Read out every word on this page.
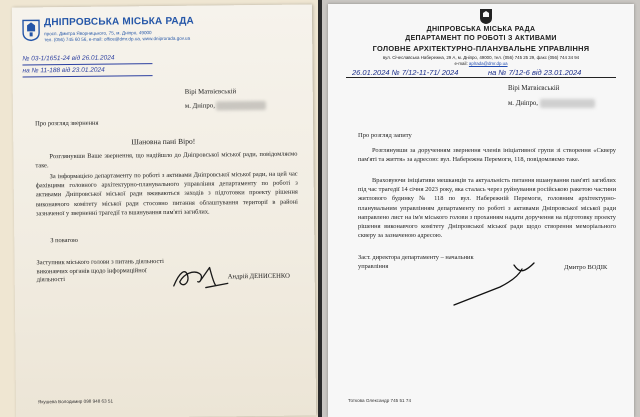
ДНІПРОВСЬКА МІСЬКА РАДА
просп. Дмитра Яворницького, 75, м. Дніпро, 49000
тел. (056) 745 60 56, e-mail: office@dmr.dp.ua, www.dniprorada.gov.ua
№ 03-1/1651-24 від 26.01.2024
на № 11-188 від 23.01.2024
Вірі Матвієвській
м. Дніпро,
Про розгляд звернення
Шановна пані Віро!
Розглянувши Ваше звернення, що надійшло до Дніпровської міської ради, повідомляємо таке.
За інформацією департаменту по роботі з активами Дніпровської міської ради, на цей час фахівцями головного архітектурно-планувального управління департаменту по роботі з активами Дніпровської міської ради вживаються заходів з підготовки проекту рішення виконавчого комітету міської ради стосовно питання облаштування території в районі зазначеної у зверненні трагедії та вшанування пам'яті загиблих.
З повагою
Заступник міського голови з питань діяльності виконавчих органів щодо інформаційної діяльності	Андрій ДЕНИСЕНКО
Якушева Володимир 098 948 63 51
ДНІПРОВСЬКА МІСЬКА РАДА
ДЕПАРТАМЕНТ ПО РОБОТІ З АКТИВАМИ
ГОЛОВНЕ АРХІТЕКТУРНО-ПЛАНУВАЛЬНЕ УПРАВЛІННЯ
вул. Січеславська Набережна, 29 А, м. Дніпро, 49000, тел. (056) 745 25 29, факс (056) 744 34 94
e-mail: aplrada@dmr.dp.ua
26.01.2024 № 7/12-11-71/ 2024	на № 7/12-6 від 23.01.2024
Вірі Матвієвській
м. Дніпро,
Про розгляд запиту
Розглянувши за дорученням звернення членів ініціативної групи зі створення «Скверу пам'яті та життя» за адресою: вул. Набережна Перемоги, 118, повідомляємо таке.
Враховуючи ініціативи мешканців та актуальність питання вшанування пам'яті загиблих під час трагедії 14 січня 2023 року, яка сталась через руйнування російською ракетою частини житлового будинку № 118 по вул. Набережній Перемоги, головним архітектурно-планувальним управлінням департаменту по роботі з активами Дніпровської міської ради направлено лист на ім'я міського голови з проханням надати доручення на підготовку проекту рішення виконавчого комітету Дніпровської міської ради щодо створення меморіального скверу за зазначеною адресою.
Заст. директора департаменту – начальник управління	Дмитро ВОДІК
Тоткова Олександр 745 51 74
